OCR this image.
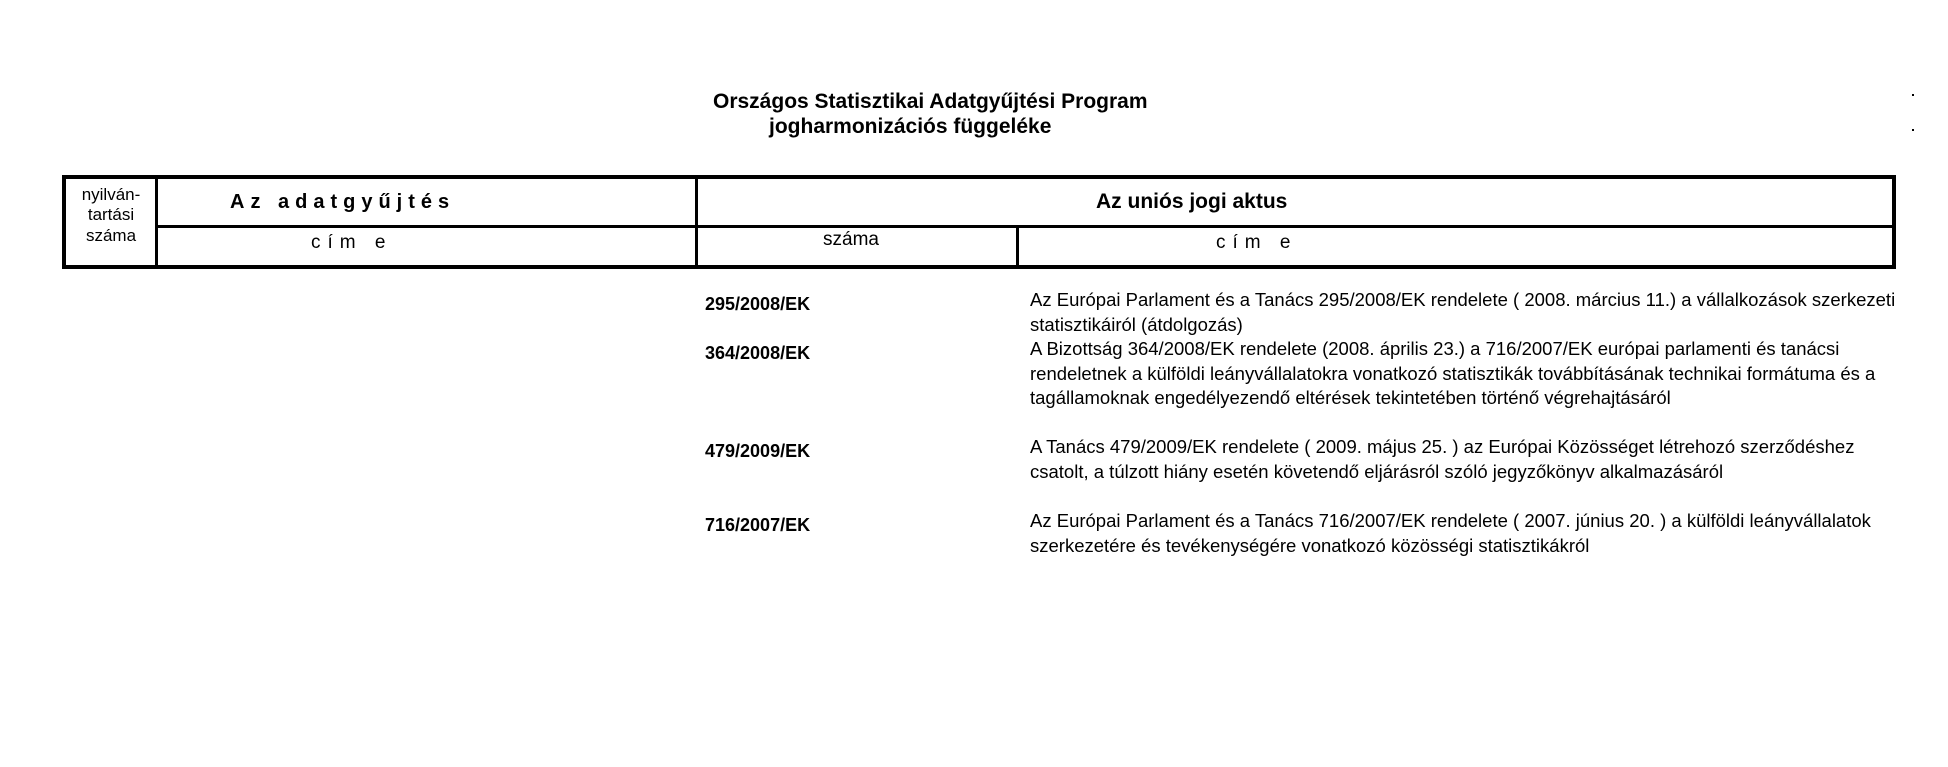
Országos Statisztikai Adatgyűjtési Program
jogharmonizációs függeléke
nyilván-
tartási
száma
Az adatgyűjtés
cím e
Az uniós jogi aktus
száma	cím e
295/2008/EK	Az Európai Parlament és a Tanács 295/2008/EK rendelete ( 2008. március 11.) a vállalkozások szerkezeti statisztikáiról (átdolgozás)
364/2008/EK	A Bizottság 364/2008/EK rendelete (2008. április 23.) a 716/2007/EK európai parlamenti és tanácsi rendeletnek a külföldi leányvállalatokra vonatkozó statisztikák továbbításának technikai formátuma és a tagállamoknak engedélyezendő eltérések tekintetében történő végrehajtásáról
479/2009/EK	A Tanács 479/2009/EK rendelete ( 2009. május 25. ) az Európai Közösséget létrehozó szerződéshez csatolt, a túlzott hiány esetén követendő eljárásról szóló jegyzőkönyv alkalmazásáról
716/2007/EK	Az Európai Parlament és a Tanács 716/2007/EK rendelete ( 2007. június 20. ) a külföldi leányvállalatok szerkezetére és tevékenységére vonatkozó közösségi statisztikákról
